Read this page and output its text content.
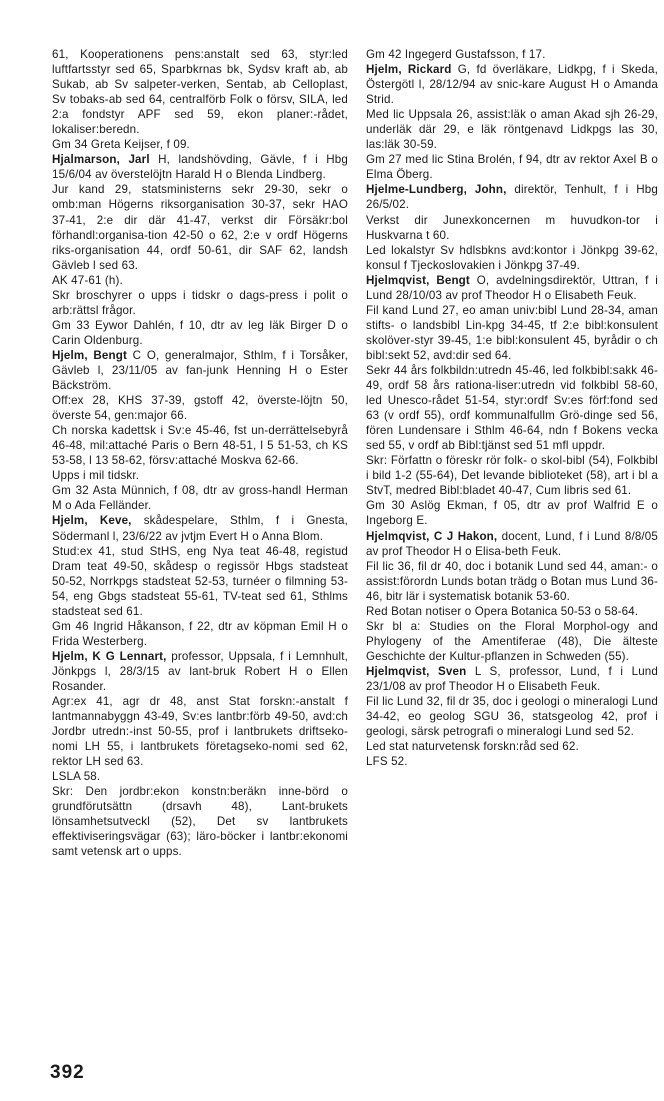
61, Kooperationens pens:anstalt sed 63, styr:led luftfartsstyr sed 65, Sparbkrnas bk, Sydsv kraft ab, ab Sukab, ab Sv salpeter-verken, Sentab, ab Celloplast, Sv tobaks-ab sed 64, centralförb Folk o försv, SILA, led 2:a fondstyr APF sed 59, ekon planer:-rådet, lokaliser:beredn.

Gm 34 Greta Keijser, f 09.

Hjalmarson, Jarl H, landshövding, Gävle, f i Hbg 15/6/04 av överstelöjtn Harald H o Blenda Lindberg.

Jur kand 29, statsministerns sekr 29-30, sekr o omb:man Högerns riksorganisation 30-37, sekr HAO 37-41, 2:e dir där 41-47, verkst dir Försäkr:bol förhandl:organisa-tion 42-50 o 62, 2:e v ordf Högerns riks-organisation 44, ordf 50-61, dir SAF 62, landsh Gävleb l sed 63.

AK 47-61 (h).

Skr broschyrer o upps i tidskr o dags-press i polit o arb:rättsl frågor.

Gm 33 Eywor Dahlén, f 10, dtr av leg läk Birger D o Carin Oldenburg.

Hjelm, Bengt C O, generalmajor, Sthlm, f i Torsåker, Gävleb l, 23/11/05 av fan-junk Henning H o Ester Bäckström.

Off:ex 28, KHS 37-39, gstoff 42, överste-löjtn 50, överste 54, gen:major 66.

Ch norska kadettsk i Sv:e 45-46, fst un-derrättelsebyrå 46-48, mil:attaché Paris o Bern 48-51, l 5 51-53, ch KS 53-58, l 13 58-62, försv:attaché Moskva 62-66.

Upps i mil tidskr.

Gm 32 Asta Münnich, f 08, dtr av gross-handl Herman M o Ada Felländer.

Hjelm, Keve, skådespelare, Sthlm, f i Gnesta, Södermanl l, 23/6/22 av jvtjm Evert H o Anna Blom.

Stud:ex 41, stud StHS, eng Nya teat 46-48, registud Dram teat 49-50, skådesp o regissör Hbgs stadsteat 50-52, Norrkpgs stadsteat 52-53, turnéer o filmning 53-54, eng Gbgs stadsteat 55-61, TV-teat sed 61, Sthlms stadsteat sed 61.

Gm 46 Ingrid Håkanson, f 22, dtr av köpman Emil H o Frida Westerberg.

Hjelm, K G Lennart, professor, Uppsala, f i Lemnhult, Jönkpgs l, 28/3/15 av lant-bruk Robert H o Ellen Rosander.

Agr:ex 41, agr dr 48, anst Stat forskn:-anstalt f lantmannabyggn 43-49, Sv:es lantbr:förb 49-50, avd:ch Jordbr utredn:-inst 50-55, prof i lantbrukets driftseko-nomi LH 55, i lantbrukets företagseko-nomi sed 62, rektor LH sed 63.

LSLA 58.

Skr: Den jordbr:ekon konstn:beräkn inne-börd o grundförutsättn (drsavh 48), Lant-brukets lönsamhetsutveckl (52), Det sv lantbrukets effektiviseringsvägar (63); läro-böcker i lantbr:ekonomi samt vetensk art o upps.

Gm 42 Ingegerd Gustafsson, f 17.

Hjelm, Rickard G, fd överläkare, Lidkpg, f i Skeda, Östergötl l, 28/12/94 av snic-kare August H o Amanda Strid.

Med lic Uppsala 26, assist:läk o aman Akad sjh 26-29, underläk där 29, e läk röntgenavd Lidkpgs las 30, las:läk 30-59.

Gm 27 med lic Stina Brolén, f 94, dtr av rektor Axel B o Elma Öberg.

Hjelme-Lundberg, John, direktör, Tenhult, f i Hbg 26/5/02.

Verkst dir Junexkoncernen m huvudkon-tor i Huskvarna t 60.

Led lokalstyr Sv hdlsbkns avd:kontor i Jönkpg 39-62, konsul f Tjeckoslovakien i Jönkpg 37-49.

Hjelmqvist, Bengt O, avdelningsdirektör, Uttran, f i Lund 28/10/03 av prof Theodor H o Elisabeth Feuk.

Fil kand Lund 27, eo aman univ:bibl Lund 28-34, aman stifts- o landsbibl Lin-kpg 34-45, tf 2:e bibl:konsulent skolöver-styr 39-45, 1:e bibl:konsulent 45, byrådir o ch bibl:sekt 52, avd:dir sed 64.

Sekr 44 års folkbildn:utredn 45-46, led folkbibl:sakk 46-49, ordf 58 års rationa-liser:utredn vid folkbibl 58-60, led Unesco-rådet 51-54, styr:ordf Sv:es förf:fond sed 63 (v ordf 55), ordf kommunalfullm Grö-dinge sed 56, fören Lundensare i Sthlm 46-64, ndn f Bokens vecka sed 55, v ordf ab Bibl:tjänst sed 51 mfl uppdr.

Skr: Författn o föreskr rör folk- o skol-bibl (54), Folkbibl i bild 1-2 (55-64), Det levande biblioteket (58), art i bl a StvT, medred Bibl:bladet 40-47, Cum libris sed 61.

Gm 30 Aslög Ekman, f 05, dtr av prof Walfrid E o Ingeborg E.

Hjelmqvist, C J Hakon, docent, Lund, f i Lund 8/8/05 av prof Theodor H o Elisa-beth Feuk.

Fil lic 36, fil dr 40, doc i botanik Lund sed 44, aman:- o assist:förordn Lunds botan trädg o Botan mus Lund 36-46, bitr lär i systematisk botanik 53-60.

Red Botan notiser o Opera Botanica 50-53 o 58-64.

Skr bl a: Studies on the Floral Morphol-ogy and Phylogeny of the Amentiferae (48), Die älteste Geschichte der Kultur-pflanzen in Schweden (55).

Hjelmqvist, Sven L S, professor, Lund, f i Lund 23/1/08 av prof Theodor H o Elisabeth Feuk.

Fil lic Lund 32, fil dr 35, doc i geologi o mineralogi Lund 34-42, eo geolog SGU 36, statsgeolog 42, prof i geologi, särsk petrografi o mineralogi Lund sed 52.

Led stat naturvetensk forskn:råd sed 62.

LFS 52.

392
